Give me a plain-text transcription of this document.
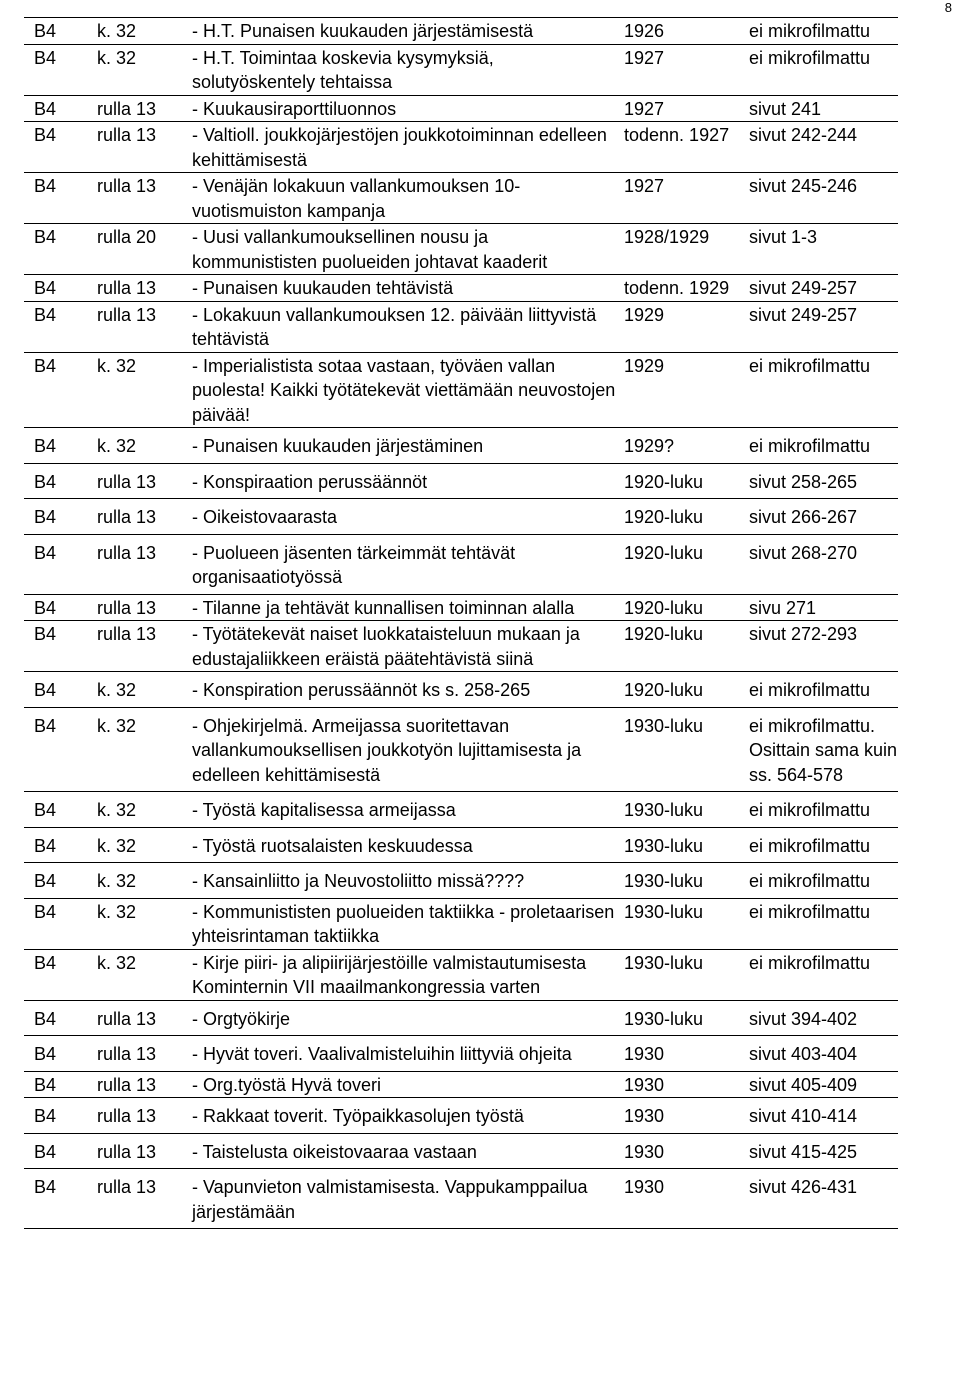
8
B4	k. 32	- H.T. Punaisen kuukauden järjestämisestä	1926	ei mikrofilmattu
B4	k. 32	- H.T. Toimintaa koskevia kysymyksiä, solutyöskentely tehtaissa	1927	ei mikrofilmattu
B4	rulla 13	- Kuukausiraporttiluonnos	1927	sivut 241
B4	rulla 13	- Valtioll. joukkojärjestöjen joukkotoiminnan edelleen kehittämisestä	todenn. 1927	sivut 242-244
B4	rulla 13	- Venäjän lokakuun vallankumouksen 10-vuotismuiston kampanja	1927	sivut 245-246
B4	rulla 20	- Uusi vallankumouksellinen nousu ja kommunististen puolueiden johtavat kaaderit	1928/1929	sivut 1-3
B4	rulla 13	- Punaisen kuukauden tehtävistä	todenn. 1929	sivut 249-257
B4	rulla 13	- Lokakuun vallankumouksen 12. päivään liittyvistä tehtävistä	1929	sivut 249-257
B4	k. 32	- Imperialistista sotaa vastaan, työväen vallan puolesta! Kaikki työtätekevät viettämään neuvostojen päivää!	1929	ei mikrofilmattu
B4	k. 32	- Punaisen kuukauden järjestäminen	1929?	ei mikrofilmattu
B4	rulla 13	- Konspiraation perussäännöt	1920-luku	sivut 258-265
B4	rulla 13	- Oikeistovaarasta	1920-luku	sivut 266-267
B4	rulla 13	- Puolueen jäsenten tärkeimmät tehtävät organisaatiotyössä	1920-luku	sivut 268-270
B4	rulla 13	- Tilanne ja tehtävät kunnallisen toiminnan alalla	1920-luku	sivu 271
B4	rulla 13	- Työtätekevät naiset luokkataisteluun mukaan ja edustajaliikkeen eräistä päätehtävistä siinä	1920-luku	sivut 272-293
B4	k. 32	- Konspiration perussäännöt ks s. 258-265	1920-luku	ei mikrofilmattu
B4	k. 32	- Ohjekirjelmä. Armeijassa suoritettavan vallankumouksellisen joukkotyön lujittamisesta ja edelleen kehittämisestä	1930-luku	ei mikrofilmattu. Osittain sama kuin ss. 564-578
B4	k. 32	- Työstä kapitalisessa armeijassa	1930-luku	ei mikrofilmattu
B4	k. 32	- Työstä ruotsalaisten keskuudessa	1930-luku	ei mikrofilmattu
B4	k. 32	- Kansainliitto ja Neuvostoliitto missä????	1930-luku	ei mikrofilmattu
B4	k. 32	- Kommunististen puolueiden taktiikka - proletaarisen yhteisrintaman taktiikka	1930-luku	ei mikrofilmattu
B4	k. 32	- Kirje piiri- ja alipiirijärjestöille valmistautumisesta Kominternin VII maailmankongressia varten	1930-luku	ei mikrofilmattu
B4	rulla 13	- Orgtyökirje	1930-luku	sivut 394-402
B4	rulla 13	- Hyvät toveri. Vaalivalmisteluihin liittyviä ohjeita	1930	sivut 403-404
B4	rulla 13	- Org.työstä Hyvä toveri	1930	sivut 405-409
B4	rulla 13	- Rakkaat toverit. Työpaikkasolujen työstä	1930	sivut 410-414
B4	rulla 13	- Taistelusta oikeistovaaraa vastaan	1930	sivut 415-425
B4	rulla 13	- Vapunvieton valmistamisesta. Vappukamppailua järjestämään	1930	sivut 426-431
